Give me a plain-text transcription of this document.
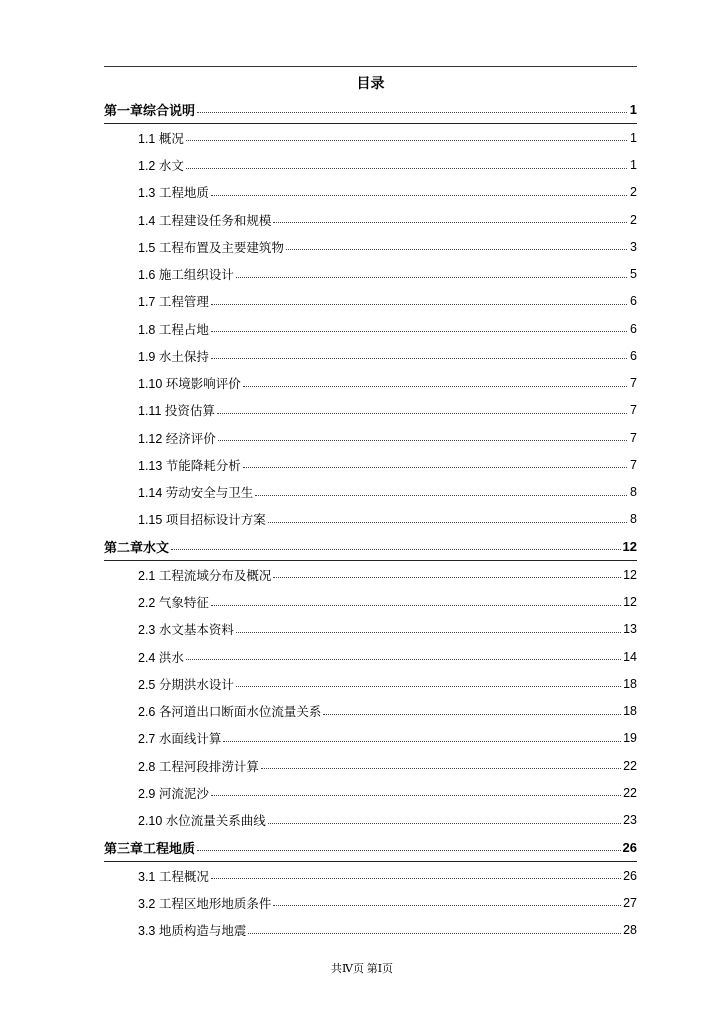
目录
第一章综合说明	1
1.1 概况	1
1.2 水文	1
1.3 工程地质	2
1.4 工程建设任务和规模	2
1.5 工程布置及主要建筑物	3
1.6 施工组织设计	5
1.7 工程管理	6
1.8 工程占地	6
1.9 水土保持	6
1.10 环境影响评价	7
1.11 投资估算	7
1.12 经济评价	7
1.13 节能降耗分析	7
1.14 劳动安全与卫生	8
1.15 项目招标设计方案	8
第二章水文	12
2.1 工程流域分布及概况	12
2.2 气象特征	12
2.3 水文基本资料	13
2.4 洪水	14
2.5 分期洪水设计	18
2.6 各河道出口断面水位流量关系	18
2.7 水面线计算	19
2.8 工程河段排涝计算	22
2.9 河流泥沙	22
2.10 水位流量关系曲线	23
第三章工程地质	26
3.1 工程概况	26
3.2 工程区地形地质条件	27
3.3 地质构造与地震	28
共Ⅳ页 第Ⅰ页
